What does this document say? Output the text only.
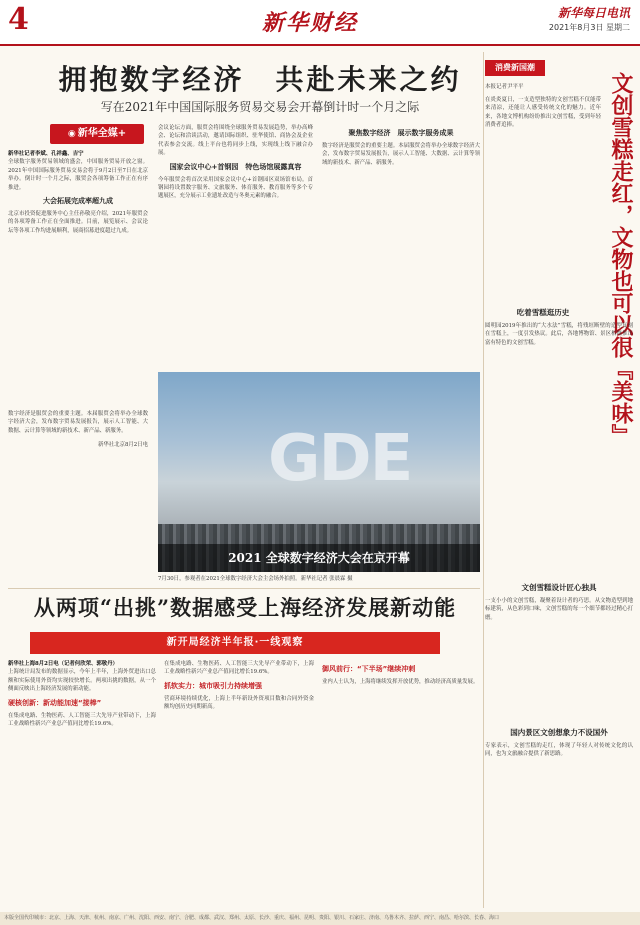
4	新华财经	新华每日电讯
2021年8月3日 星期二
拥抱数字经济　共赴未来之约
写在2021年中国国际服务贸易交易会开幕倒计时一个月之际
◉ 新华全媒+
新华社记者李斌、孔祥鑫、吉宁
全球数字服务贸易领域的盛会，中国服务贸易开放之窗。2021年中国国际服务贸易交易会将于9月2日至7日在北京举办。倒计时一个月之际，服贸会各项筹备工作正在有序推进。
大会拓展完成率超九成
北京市投资促进服务中心主任孙敬亮介绍，2021年服贸会的各项筹备工作正在全面推进。目前，展览展示、会议论坛等各项工作均进展顺利，展商招募进度超过九成。
会议论坛方面，服贸会将围绕全球服务贸易发展趋势，举办高峰会、论坛和洽谈活动，邀请国际组织、驻华使馆、商协会及企业代表参会交流。线上平台也将同步上线，实现线上线下融合办展。
国家会议中心+首钢园　特色场馆展露真容
今年服贸会将首次采用国家会议中心+首钢园区双场馆布局。首钢园将设置数字服务、文旅服务、体育服务、教育服务等多个专题展区，充分展示工业遗址改造与冬奥元素的融合。
聚焦数字经济　展示数字服务成果
数字经济是服贸会的重要主题。本届服贸会将举办全球数字经济大会，发布数字贸易发展报告，展示人工智能、大数据、云计算等领域的新技术、新产品、新服务。
数字经济是服贸会的重要主题。本届服贸会将举办全球数字经济大会，发布数字贸易发展报告，展示人工智能、大数据、云计算等领域的新技术、新产品、新服务。
新华社北京8月2日电 GDE
2021 全球数字经济大会在京开幕
7月30日，参观者在2021全球数字经济大会主会场外拍照。新华社记者 张晨霖 摄
从两项“出挑”数据感受上海经济发展新动能
新开局经济半年报·一线观察
新华社上海8月2日电（记者何欣荣、郭敬丹）
上海统计局发布的数据显示，今年上半年，上海外贸进出口总额和实际使用外资均实现较快增长。两项出挑的数据，从一个侧面反映出上海经济发展的新动能。
硬核创新：新动能加速“接棒”
在集成电路、生物医药、人工智能三大先导产业带动下，上海工业战略性新兴产业总产值同比增长19.6%。
在集成电路、生物医药、人工智能三大先导产业带动下，上海工业战略性新兴产业总产值同比增长19.6%。
抓软实力：城市吸引力持续增强
营商环境持续优化，上海上半年新设外资项目数和合同外资金额均创历史同期新高。
御风前行：“下半场”继续冲刺
业内人士认为，上海将继续发挥开放优势，推动经济高质量发展。
消费新国潮
本报记者尹平平	文创雪糕走红，文物也可以很『美味』
在炎炎夏日，一支造型独特的文创雪糕不仅能带来清凉，还能让人感受传统文化的魅力。近年来，各地文博机构纷纷推出文创雪糕，受到年轻消费者追捧。
吃着雪糕逛历史
圆明园2019年推出的“大水法”雪糕，将残垣断壁的造型复刻在雪糕上，一度引发热议。此后，各地博物馆、景区相继推出富有特色的文创雪糕。
文创雪糕设计匠心独具
一支小小的文创雪糕，凝聚着设计者的巧思。从文物造型到地标建筑，从色彩到口味，文创雪糕的每一个细节都经过精心打磨。
国内景区文创想象力不设国外
专家表示，文创雪糕的走红，体现了年轻人对传统文化的认同，也为文旅融合提供了新思路。
本版全国代印城市：北京、上海、天津、杭州、南京、广州、沈阳、西安、南宁、合肥、成都、武汉、郑州、太原、长沙、重庆、福州、昆明、贵阳、银川、石家庄、济南、乌鲁木齐、拉萨、西宁、南昌、哈尔滨、长春、海口
